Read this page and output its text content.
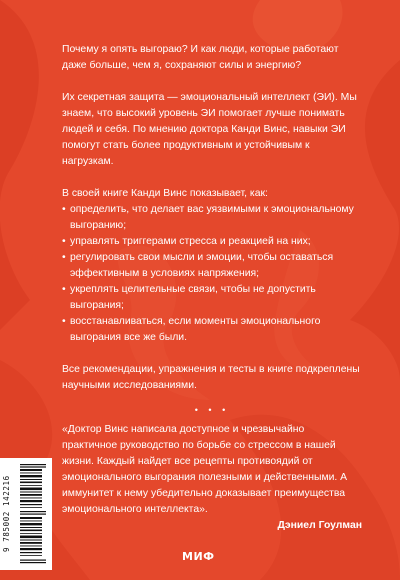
Почему я опять выгораю? И как люди, которые работают даже больше, чем я, сохраняют силы и энергию?

Их секретная защита — эмоциональный интеллект (ЭИ). Мы знаем, что высокий уровень ЭИ помогает лучше понимать людей и себя. По мнению доктора Канди Винс, навыки ЭИ помогут стать более продуктивным и устойчивым к нагрузкам.

В своей книге Канди Винс показывает, как:

• определить, что делает вас уязвимыми к эмоциональному выгоранию;
• управлять триггерами стресса и реакцией на них;
• регулировать свои мысли и эмоции, чтобы оставаться эффективным в условиях напряжения;
• укреплять целительные связи, чтобы не допустить выгорания;
• восстанавливаться, если моменты эмоционального выгорания все же были.

Все рекомендации, упражнения и тесты в книге подкреплены научными исследованиями.

• • •

«Доктор Винс написала доступное и чрезвычайно практичное руководство по борьбе со стрессом в нашей жизни. Каждый найдет все рецепты противоядий от эмоционального выгорания полезными и действенными. А иммунитет к нему убедительно доказывает преимущества эмоционального интеллекта».

Дэниел Гоулман

9 785002 142216
МИФ
